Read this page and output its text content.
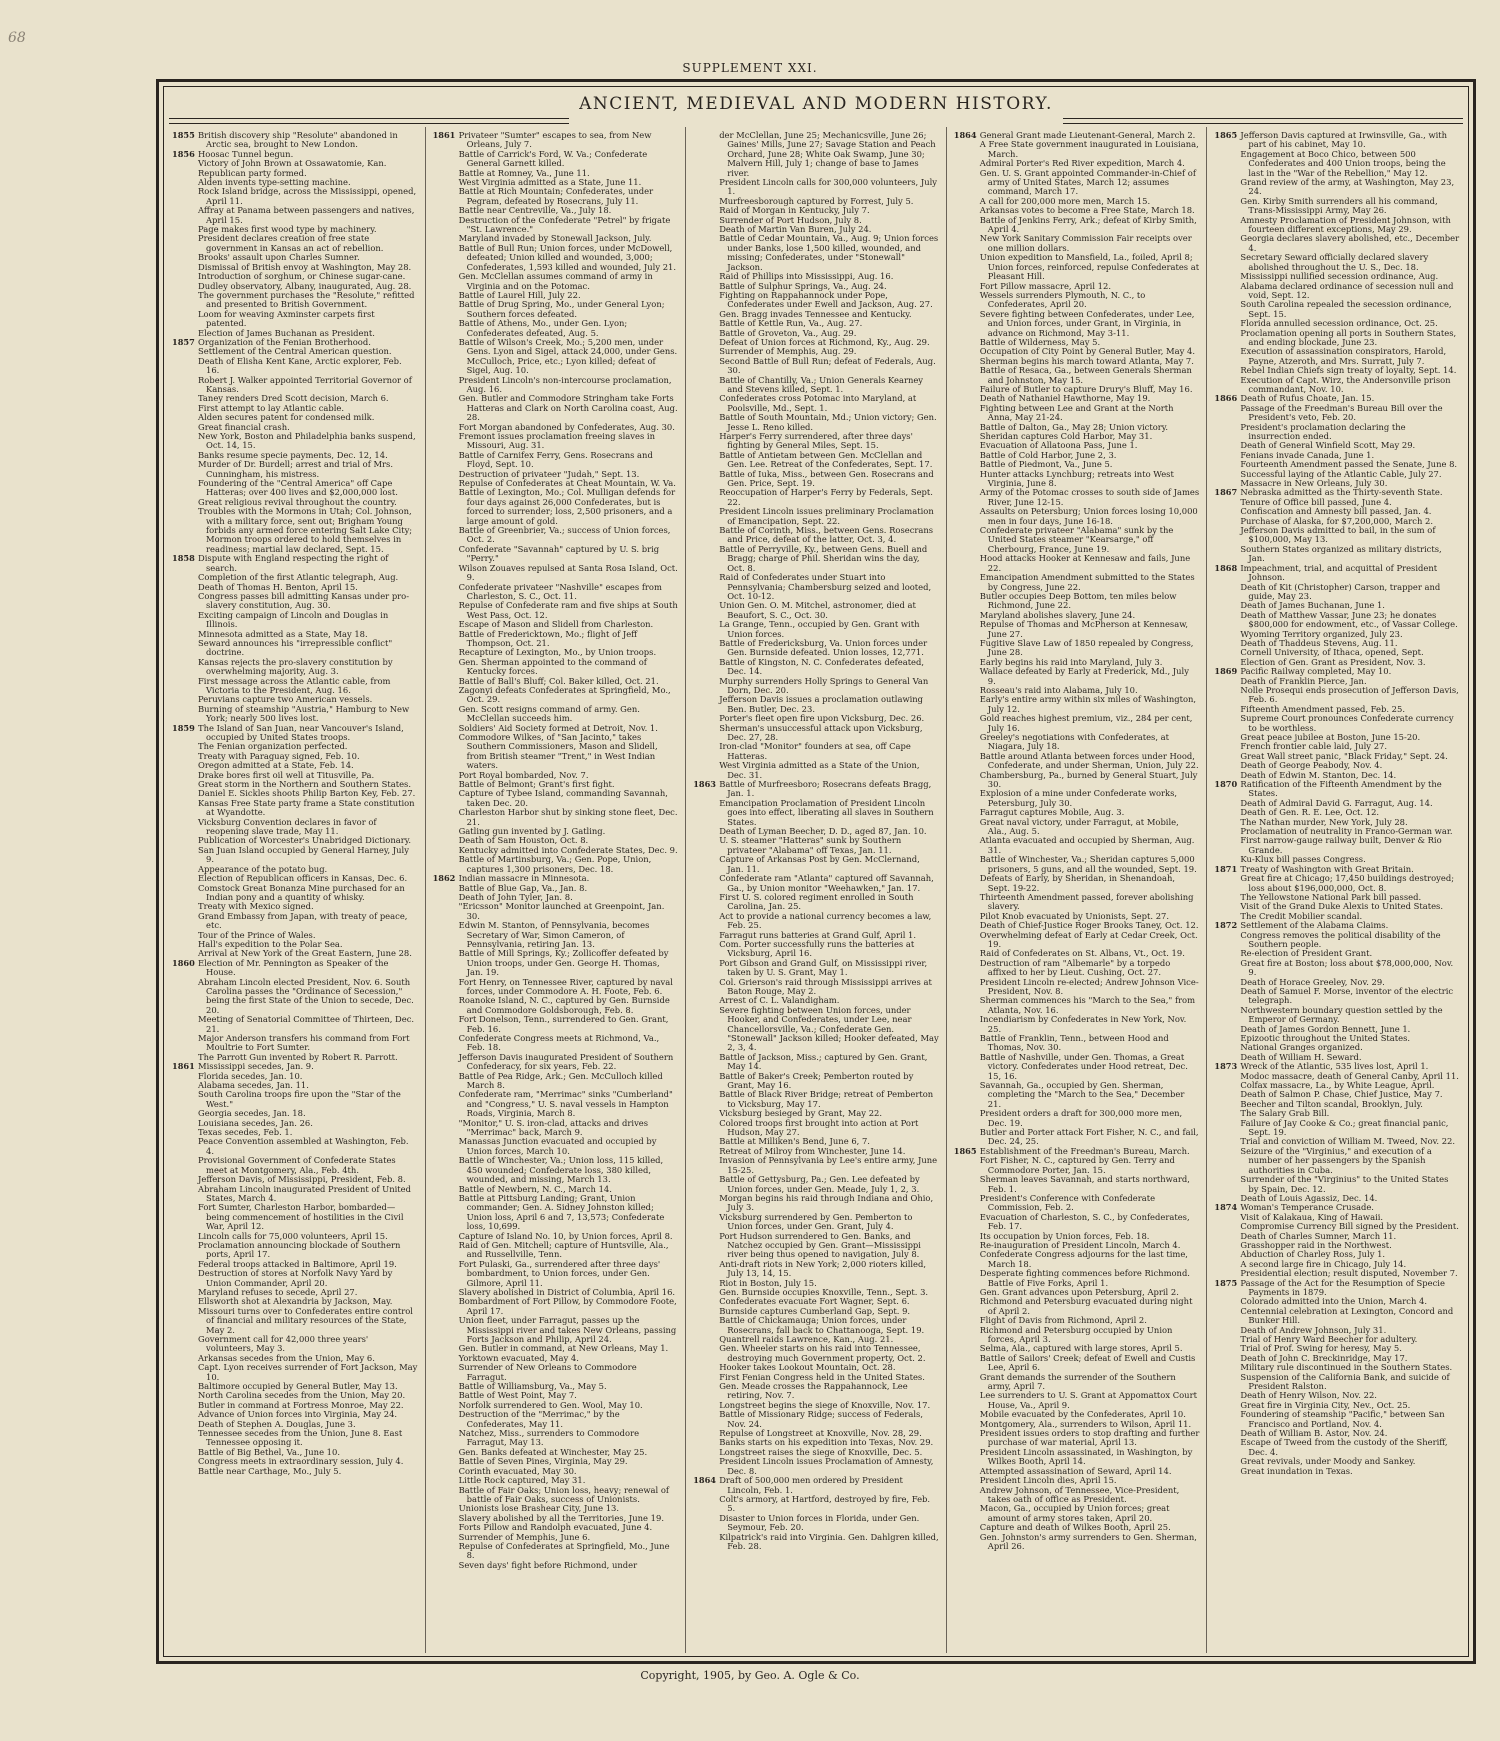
68
SUPPLEMENT XXI.
ANCIENT, MEDIEVAL AND MODERN HISTORY.
1855 British discovery ship "Resolute" abandoned in Arctic sea, brought to New London.
1856 Hoosac Tunnel begun.
Victory of John Brown at Ossawatomie, Kan.
Republican party formed.
Alden invents type-setting machine.
Rock Island bridge, across the Mississippi, opened, April 11.
Affray at Panama between passengers and natives, April 15.
Page makes first wood type by machinery.
President declares creation of free state government in Kansas an act of rebellion.
Brooks' assault upon Charles Sumner.
Dismissal of British envoy at Washington, May 28.
Introduction of sorghum, or Chinese sugar-cane.
Dudley observatory, Albany, inaugurated, Aug. 28.
The government purchases the "Resolute," refitted and presented to British Government.
Loom for weaving Axminster carpets first patented.
Election of James Buchanan as President.
1857 Organization of the Fenian Brotherhood.
Settlement of the Central American question.
Death of Elisha Kent Kane, Arctic explorer, Feb. 16.
Robert J. Walker appointed Territorial Governor of Kansas.
Taney renders Dred Scott decision, March 6.
First attempt to lay Atlantic cable.
Alden secures patent for condensed milk.
Great financial crash.
New York, Boston and Philadelphia banks suspend, Oct. 14, 15.
Banks resume specie payments, Dec. 12, 14.
Murder of Dr. Burdell; arrest and trial of Mrs. Cunningham, his mistress.
Foundering of the "Central America" off Cape Hatteras; over 400 lives and $2,000,000 lost.
Great religious revival throughout the country.
Troubles with the Mormons in Utah; Col. Johnson, with a military force, sent out; Brigham Young forbids any armed force entering Salt Lake City; Mormon troops ordered to hold themselves in readiness; martial law declared, Sept. 15.
1858 Dispute with England respecting the right of search.
Completion of the first Atlantic telegraph, Aug.
Death of Thomas H. Benton, April 15.
Congress passes bill admitting Kansas under pro-slavery constitution, Aug. 30.
Exciting campaign of Lincoln and Douglas in Illinois.
Minnesota admitted as a State, May 18.
Seward announces his "irrepressible conflict" doctrine.
Kansas rejects the pro-slavery constitution by overwhelming majority, Aug. 3.
First message across the Atlantic cable, from Victoria to the President, Aug. 16.
Peruvians capture two American vessels.
Burning of steamship "Austria," Hamburg to New York; nearly 500 lives lost.
1859 The Island of San Juan, near Vancouver's Island, occupied by United States troops.
The Fenian organization perfected.
Treaty with Paraguay signed, Feb. 10.
Oregon admitted at a State, Feb. 14.
Drake bores first oil well at Titusville, Pa.
Great storm in the Northern and Southern States.
Daniel E. Sickles shoots Philip Barton Key, Feb. 27.
Kansas Free State party frame a State constitution at Wyandotte.
Vicksburg Convention declares in favor of reopening slave trade, May 11.
Publication of Worcester's Unabridged Dictionary.
San Juan Island occupied by General Harney, July 9.
Appearance of the potato bug.
Election of Republican officers in Kansas, Dec. 6.
Comstock Great Bonanza Mine purchased for an Indian pony and a quantity of whisky.
Treaty with Mexico signed.
Grand Embassy from Japan, with treaty of peace, etc.
Tour of the Prince of Wales.
Hall's expedition to the Polar Sea.
Arrival at New York of the Great Eastern, June 28.
1860 Election of Mr. Pennington as Speaker of the House.
Abraham Lincoln elected President, Nov. 6. South Carolina passes the "Ordinance of Secession," being the first State of the Union to secede, Dec. 20.
Meeting of Senatorial Committee of Thirteen, Dec. 21.
Major Anderson transfers his command from Fort Moultrie to Fort Sumter.
The Parrott Gun invented by Robert R. Parrott.
1861 Mississippi secedes, Jan. 9.
Florida secedes, Jan. 10.
Alabama secedes, Jan. 11.
South Carolina troops fire upon the "Star of the West."
Georgia secedes, Jan. 18.
Louisiana secedes, Jan. 26.
Texas secedes, Feb. 1.
Peace Convention assembled at Washington, Feb. 4.
Provisional Government of Confederate States meet at Montgomery, Ala., Feb. 4th.
Jefferson Davis, of Mississippi, President, Feb. 8.
Abraham Lincoln inaugurated President of United States, March 4.
Fort Sumter, Charleston Harbor, bombarded—being commencement of hostilities in the Civil War, April 12.
Lincoln calls for 75,000 volunteers, April 15.
Proclamation announcing blockade of Southern ports, April 17.
Federal troops attacked in Baltimore, April 19.
Destruction of stores at Norfolk Navy Yard by Union Commander, April 20.
Maryland refuses to secede, April 27.
Ellsworth shot at Alexandria by Jackson, May.
Missouri turns over to Confederates entire control of financial and military resources of the State, May 2.
Government call for 42,000 three years' volunteers, May 3.
Arkansas secedes from the Union, May 6.
Capt. Lyon receives surrender of Fort Jackson, May 10.
Baltimore occupied by General Butler, May 13.
North Carolina secedes from the Union, May 20.
Butler in command at Fortress Monroe, May 22.
Advance of Union forces into Virginia, May 24.
Death of Stephen A. Douglas, June 3.
Tennessee secedes from the Union, June 8. East Tennessee opposing it.
Battle of Big Bethel, Va., June 10.
Congress meets in extraordinary session, July 4.
Battle near Carthage, Mo., July 5.
1861 Privateer "Sumter" escapes to sea, from New Orleans, July 7.
Battle of Carrick's Ford, W. Va.; Confederate General Garnett killed.
Battle at Romney, Va., June 11.
West Virginia admitted as a State, June 11.
Battle at Rich Mountain; Confederates, under Pegram, defeated by Rosecrans, July 11.
Battle near Centreville, Va., July 18.
Destruction of the Confederate "Petrel" by frigate "St. Lawrence."
Maryland invaded by Stonewall Jackson, July.
Battle of Bull Run; Union forces, under McDowell, defeated; Union killed and wounded, 3,000; Confederates, 1,593 killed and wounded, July 21.
Gen. McClellan assumes command of army in Virginia and on the Potomac.
Battle of Laurel Hill, July 22.
Battle of Drug Spring, Mo., under General Lyon; Southern forces defeated.
Battle of Athens, Mo., under Gen. Lyon; Confederates defeated, Aug. 5.
Battle of Wilson's Creek, Mo.; 5,200 men, under Gens. Lyon and Sigel, attack 24,000, under Gens. McCulloch, Price, etc.; Lyon killed; defeat of Sigel, Aug. 10.
President Lincoln's non-intercourse proclamation, Aug. 16.
Gen. Butler and Commodore Stringham take Forts Hatteras and Clark on North Carolina coast, Aug. 28.
Fort Morgan abandoned by Confederates, Aug. 30.
Fremont issues proclamation freeing slaves in Missouri, Aug. 31.
Battle of Carnifex Ferry, Gens. Rosecrans and Floyd, Sept. 10.
Destruction of privateer "Judah," Sept. 13.
Repulse of Confederates at Cheat Mountain, W. Va.
Battle of Lexington, Mo.; Col. Mulligan defends for four days against 26,000 Confederates, but is forced to surrender; loss, 2,500 prisoners, and a large amount of gold.
Battle of Greenbrier, Va.; success of Union forces, Oct. 2.
Confederate "Savannah" captured by U. S. brig "Perry."
Wilson Zouaves repulsed at Santa Rosa Island, Oct. 9.
Confederate privateer "Nashville" escapes from Charleston, S. C., Oct. 11.
Repulse of Confederate ram and five ships at South West Pass, Oct. 12.
Escape of Mason and Slidell from Charleston.
Battle of Fredericktown, Mo.; flight of Jeff Thompson, Oct. 21.
Recapture of Lexington, Mo., by Union troops.
Gen. Sherman appointed to the command of Kentucky forces.
Battle of Ball's Bluff; Col. Baker killed, Oct. 21.
Zagonyi defeats Confederates at Springfield, Mo., Oct. 29.
Gen. Scott resigns command of army. Gen. McClellan succeeds him.
Soldiers' Aid Society formed at Detroit, Nov. 1.
Commodore Wilkes, of "San Jacinto," takes Southern Commissioners, Mason and Slidell, from British steamer "Trent," in West Indian waters.
Port Royal bombarded, Nov. 7.
Battle of Belmont; Grant's first fight.
Capture of Tybee Island, commanding Savannah, taken Dec. 20.
Charleston Harbor shut by sinking stone fleet, Dec. 21.
Gatling gun invented by J. Gatling.
Death of Sam Houston, Oct. 8.
Kentucky admitted into Confederate States, Dec. 9.
Battle of Martinsburg, Va.; Gen. Pope, Union, captures 1,300 prisoners, Dec. 18.
1862 Indian massacre in Minnesota.
Battle of Blue Gap, Va., Jan. 8.
Death of John Tyler, Jan. 8.
"Ericsson" Monitor launched at Greenpoint, Jan. 30.
Edwin M. Stanton, of Pennsylvania, becomes Secretary of War, Simon Cameron, of Pennsylvania, retiring Jan. 13.
Battle of Mill Springs, Ky.; Zollicoffer defeated by Union troops, under Gen. George H. Thomas, Jan. 19.
Fort Henry, on Tennessee River, captured by naval forces, under Commodore A. H. Foote, Feb. 6.
Roanoke Island, N. C., captured by Gen. Burnside and Commodore Goldsborough, Feb. 8.
Fort Donelson, Tenn., surrendered to Gen. Grant, Feb. 16.
Confederate Congress meets at Richmond, Va., Feb. 18.
Jefferson Davis inaugurated President of Southern Confederacy, for six years, Feb. 22.
Battle of Pea Ridge, Ark.; Gen. McCulloch killed March 8.
Confederate ram, "Merrimac" sinks "Cumberland" and "Congress," U. S. naval vessels in Hampton Roads, Virginia, March 8.
"Monitor," U. S. iron-clad, attacks and drives "Merrimac" back, March 9.
Manassas Junction evacuated and occupied by Union forces, March 10.
Battle of Winchester, Va.; Union loss, 115 killed, 450 wounded; Confederate loss, 380 killed, wounded, and missing, March 13.
Battle of Newbern, N. C., March 14.
Battle at Pittsburg Landing; Grant, Union commander; Gen. A. Sidney Johnston killed; Union loss, April 6 and 7, 13,573; Confederate loss, 10,699.
Capture of Island No. 10, by Union forces, April 8.
Raid of Gen. Mitchell; capture of Huntsville, Ala., and Russellville, Tenn.
Fort Pulaski, Ga., surrendered after three days' bombardment, to Union forces, under Gen. Gilmore, April 11.
Slavery abolished in District of Columbia, April 16.
Bombardment of Fort Pillow, by Commodore Foote, April 17.
Union fleet, under Farragut, passes up the Mississippi river and takes New Orleans, passing Forts Jackson and Philip, April 24.
Gen. Butler in command, at New Orleans, May 1.
Yorktown evacuated, May 4.
Surrender of New Orleans to Commodore Farragut.
Battle of Williamsburg, Va., May 5.
Battle of West Point, May 7.
Norfolk surrendered to Gen. Wool, May 10.
Destruction of the "Merrimac," by the Confederates, May 11.
Natchez, Miss., surrenders to Commodore Farragut, May 13.
Gen. Banks defeated at Winchester, May 25.
Battle of Seven Pines, Virginia, May 29.
Corinth evacuated, May 30.
Little Rock captured, May 31.
Battle of Fair Oaks; Union loss, heavy; renewal of battle of Fair Oaks, success of Unionists.
Unionists lose Brashear City, June 13.
Slavery abolished by all the Territories, June 19.
Forts Pillow and Randolph evacuated, June 4.
Surrender of Memphis, June 6.
Repulse of Confederates at Springfield, Mo., June 8.
Seven days' fight before Richmond, under
der McClellan, June 25; Mechanicsville, June 26; Gaines' Mills, June 27; Savage Station and Peach Orchard, June 28; White Oak Swamp, June 30; Malvern Hill, July 1; change of base to James river.
President Lincoln calls for 300,000 volunteers, July 1.
Murfreesborough captured by Forrest, July 5.
Raid of Morgan in Kentucky, July 7.
Surrender of Port Hudson, July 8.
Death of Martin Van Buren, July 24.
Battle of Cedar Mountain, Va., Aug. 9; Union forces under Banks, lose 1,500 killed, wounded, and missing; Confederates, under "Stonewall" Jackson.
Raid of Phillips into Mississippi, Aug. 16.
Battle of Sulphur Springs, Va., Aug. 24.
Fighting on Rappahannock under Pope, Confederates under Ewell and Jackson, Aug. 27.
Gen. Bragg invades Tennessee and Kentucky.
Battle of Kettle Run, Va., Aug. 27.
Battle of Groveton, Va., Aug. 29.
Defeat of Union forces at Richmond, Ky., Aug. 29.
Surrender of Memphis, Aug. 29.
Second Battle of Bull Run; defeat of Federals, Aug. 30.
Battle of Chantilly, Va.; Union Generals Kearney and Stevens killed, Sept. 1.
Confederates cross Potomac into Maryland, at Poolsville, Md., Sept. 1.
Battle of South Mountain, Md.; Union victory; Gen. Jesse L. Reno killed.
Harper's Ferry surrendered, after three days' fighting by General Miles, Sept. 15.
Battle of Antietam between Gen. McClellan and Gen. Lee. Retreat of the Confederates, Sept. 17.
Battle of Iuka, Miss., between Gen. Rosecrans and Gen. Price, Sept. 19.
Reoccupation of Harper's Ferry by Federals, Sept. 22.
President Lincoln issues preliminary Proclamation of Emancipation, Sept. 22.
Battle of Corinth, Miss., between Gens. Rosecrans and Price, defeat of the latter, Oct. 3, 4.
Battle of Perryville, Ky., between Gens. Buell and Bragg; charge of Phil. Sheridan wins the day, Oct. 8.
Raid of Confederates under Stuart into Pennsylvania; Chambersburg seized and looted, Oct. 10-12.
Union Gen. O. M. Mitchel, astronomer, died at Beaufort, S. C., Oct. 30.
La Grange, Tenn., occupied by Gen. Grant with Union forces.
Battle of Fredericksburg, Va. Union forces under Gen. Burnside defeated. Union losses, 12,771.
Battle of Kingston, N. C. Confederates defeated, Dec. 14.
Murphy surrenders Holly Springs to General Van Dorn, Dec. 20.
Jefferson Davis issues a proclamation outlawing Ben. Butler, Dec. 23.
Porter's fleet open fire upon Vicksburg, Dec. 26.
Sherman's unsuccessful attack upon Vicksburg, Dec. 27, 28.
Iron-clad "Monitor" founders at sea, off Cape Hatteras.
West Virginia admitted as a State of the Union, Dec. 31.
1863 Battle of Murfreesboro; Rosecrans defeats Bragg, Jan. 1.
Emancipation Proclamation of President Lincoln goes into effect, liberating all slaves in Southern States.
Death of Lyman Beecher, D. D., aged 87, Jan. 10.
U. S. steamer "Hatteras" sunk by Southern privateer "Alabama" off Texas, Jan. 11.
Capture of Arkansas Post by Gen. McClernand, Jan. 11.
Confederate ram "Atlanta" captured off Savannah, Ga., by Union monitor "Weehawken," Jan. 17.
First U. S. colored regiment enrolled in South Carolina, Jan. 25.
Act to provide a national currency becomes a law, Feb. 25.
Farragut runs batteries at Grand Gulf, April 1.
Com. Porter successfully runs the batteries at Vicksburg, April 16.
Port Gibson and Grand Gulf, on Mississippi river, taken by U. S. Grant, May 1.
Col. Grierson's raid through Mississippi arrives at Baton Rouge, May 2.
Arrest of C. L. Valandigham.
Severe fighting between Union forces, under Hooker, and Confederates, under Lee, near Chancellorsville, Va.; Confederate Gen. "Stonewall" Jackson killed; Hooker defeated, May 2, 3, 4.
Battle of Jackson, Miss.; captured by Gen. Grant, May 14.
Battle of Baker's Creek; Pemberton routed by Grant, May 16.
Battle of Black River Bridge; retreat of Pemberton to Vicksburg, May 17.
Vicksburg besieged by Grant, May 22.
Colored troops first brought into action at Port Hudson, May 27.
Battle at Milliken's Bend, June 6, 7.
Retreat of Milroy from Winchester, June 14.
Invasion of Pennsylvania by Lee's entire army, June 15-25.
Battle of Gettysburg, Pa.; Gen. Lee defeated by Union forces, under Gen. Meade, July 1, 2, 3.
Morgan begins his raid through Indiana and Ohio, July 3.
Vicksburg surrendered by Gen. Pemberton to Union forces, under Gen. Grant, July 4.
Port Hudson surrendered to Gen. Banks, and Natchez occupied by Gen. Grant—Mississippi river being thus opened to navigation, July 8.
Anti-draft riots in New York; 2,000 rioters killed, July 13, 14, 15.
Riot in Boston, July 15.
Gen. Burnside occupies Knoxville, Tenn., Sept. 3.
Confederates evacuate Fort Wagner, Sept. 6.
Burnside captures Cumberland Gap, Sept. 9.
Battle of Chickamauga; Union forces, under Rosecrans, fall back to Chattanooga, Sept. 19.
Quantrell raids Lawrence, Kan., Aug. 21.
Gen. Wheeler starts on his raid into Tennessee, destroying much Government property, Oct. 2.
Hooker takes Lookout Mountain, Oct. 28.
First Fenian Congress held in the United States.
Gen. Meade crosses the Rappahannock, Lee retiring, Nov. 7.
Longstreet begins the siege of Knoxville, Nov. 17.
Battle of Missionary Ridge; success of Federals, Nov. 24.
Repulse of Longstreet at Knoxville, Nov. 28, 29.
Banks starts on his expedition into Texas, Nov. 29.
Longstreet raises the siege of Knoxville, Dec. 5.
President Lincoln issues Proclamation of Amnesty, Dec. 8.
1864 Draft of 500,000 men ordered by President Lincoln, Feb. 1.
Colt's armory, at Hartford, destroyed by fire, Feb. 5.
Disaster to Union forces in Florida, under Gen. Seymour, Feb. 20.
Kilpatrick's raid into Virginia. Gen. Dahlgren killed, Feb. 28.
1864 General Grant made Lieutenant-General, March 2.
A Free State government inaugurated in Louisiana, March.
Admiral Porter's Red River expedition, March 4.
Gen. U. S. Grant appointed Commander-in-Chief of army of United States, March 12; assumes command, March 17.
A call for 200,000 more men, March 15.
Arkansas votes to become a Free State, March 18.
Battle of Jenkins Ferry, Ark.; defeat of Kirby Smith, April 4.
New York Sanitary Commission Fair receipts over one million dollars.
Union expedition to Mansfield, La., foiled, April 8; Union forces, reinforced, repulse Confederates at Pleasant Hill.
Fort Pillow massacre, April 12.
Wessels surrenders Plymouth, N. C., to Confederates, April 20.
Severe fighting between Confederates, under Lee, and Union forces, under Grant, in Virginia, in advance on Richmond, May 3-11.
Battle of Wilderness, May 5.
Occupation of City Point by General Butler, May 4.
Sherman begins his march toward Atlanta, May 7.
Battle of Resaca, Ga., between Generals Sherman and Johnston, May 15.
Failure of Butler to capture Drury's Bluff, May 16.
Death of Nathaniel Hawthorne, May 19.
Fighting between Lee and Grant at the North Anna, May 21-24.
Battle of Dalton, Ga., May 28; Union victory.
Sheridan captures Cold Harbor, May 31.
Evacuation of Allatoona Pass, June 1.
Battle of Cold Harbor, June 2, 3.
Battle of Piedmont, Va., June 5.
Hunter attacks Lynchburg; retreats into West Virginia, June 8.
Army of the Potomac crosses to south side of James River, June 12-15.
Assaults on Petersburg; Union forces losing 10,000 men in four days, June 16-18.
Confederate privateer "Alabama" sunk by the United States steamer "Kearsarge," off Cherbourg, France, June 19.
Hood attacks Hooker at Kennesaw and fails, June 22.
Emancipation Amendment submitted to the States by Congress, June 22.
Butler occupies Deep Bottom, ten miles below Richmond, June 22.
Maryland abolishes slavery, June 24.
Repulse of Thomas and McPherson at Kennesaw, June 27.
Fugitive Slave Law of 1850 repealed by Congress, June 28.
Early begins his raid into Maryland, July 3.
Wallace defeated by Early at Frederick, Md., July 9.
Rosseau's raid into Alabama, July 10.
Early's entire army within six miles of Washington, July 12.
Gold reaches highest premium, viz., 284 per cent, July 16.
Greeley's negotiations with Confederates, at Niagara, July 18.
Battle around Atlanta between forces under Hood, Confederate, and under Sherman, Union, July 22.
Chambersburg, Pa., burned by General Stuart, July 30.
Explosion of a mine under Confederate works, Petersburg, July 30.
Farragut captures Mobile, Aug. 3.
Great naval victory, under Farragut, at Mobile, Ala., Aug. 5.
Atlanta evacuated and occupied by Sherman, Aug. 31.
Battle of Winchester, Va.; Sheridan captures 5,000 prisoners, 5 guns, and all the wounded, Sept. 19.
Defeats of Early, by Sheridan, in Shenandoah, Sept. 19-22.
Thirteenth Amendment passed, forever abolishing slavery.
Pilot Knob evacuated by Unionists, Sept. 27.
Death of Chief-Justice Roger Brooks Taney, Oct. 12.
Overwhelming defeat of Early at Cedar Creek, Oct. 19.
Raid of Confederates on St. Albans, Vt., Oct. 19.
Destruction of ram "Albemarle" by a torpedo affixed to her by Lieut. Cushing, Oct. 27.
President Lincoln re-elected; Andrew Johnson Vice-President, Nov. 8.
Sherman commences his "March to the Sea," from Atlanta, Nov. 16.
Incendiarism by Confederates in New York, Nov. 25.
Battle of Franklin, Tenn., between Hood and Thomas, Nov. 30.
Battle of Nashville, under Gen. Thomas, a Great victory. Confederates under Hood retreat, Dec. 15, 16.
Savannah, Ga., occupied by Gen. Sherman, completing the "March to the Sea," December 21.
President orders a draft for 300,000 more men, Dec. 19.
Butler and Porter attack Fort Fisher, N. C., and fail, Dec. 24, 25.
1865 Establishment of the Freedman's Bureau, March.
Fort Fisher, N. C., captured by Gen. Terry and Commodore Porter, Jan. 15.
Sherman leaves Savannah, and starts northward, Feb. 1.
President's Conference with Confederate Commission, Feb. 2.
Evacuation of Charleston, S. C., by Confederates, Feb. 17.
Its occupation by Union forces, Feb. 18.
Re-inauguration of President Lincoln, March 4.
Confederate Congress adjourns for the last time, March 18.
Desperate fighting commences before Richmond. Battle of Five Forks, April 1.
Gen. Grant advances upon Petersburg, April 2.
Richmond and Petersburg evacuated during night of April 2.
Flight of Davis from Richmond, April 2.
Richmond and Petersburg occupied by Union forces, April 3.
Selma, Ala., captured with large stores, April 5.
Battle of Sailors' Creek; defeat of Ewell and Custis Lee, April 6.
Grant demands the surrender of the Southern army, April 7.
Lee surrenders to U. S. Grant at Appomattox Court House, Va., April 9.
Mobile evacuated by the Confederates, April 10.
Montgomery, Ala., surrenders to Wilson, April 11.
President issues orders to stop drafting and further purchase of war material, April 13.
President Lincoln assassinated, in Washington, by Wilkes Booth, April 14.
Attempted assassination of Seward, April 14.
President Lincoln dies, April 15.
Andrew Johnson, of Tennessee, Vice-President, takes oath of office as President.
Macon, Ga., occupied by Union forces; great amount of army stores taken, April 20.
Capture and death of Wilkes Booth, April 25.
Gen. Johnston's army surrenders to Gen. Sherman, April 26.
1865 Jefferson Davis captured at Irwinsville, Ga., with part of his cabinet, May 10.
Engagement at Boco Chico, between 500 Confederates and 400 Union troops, being the last in the "War of the Rebellion," May 12.
Grand review of the army, at Washington, May 23, 24.
Gen. Kirby Smith surrenders all his command, Trans-Mississippi Army, May 26.
Amnesty Proclamation of President Johnson, with fourteen different exceptions, May 29.
Georgia declares slavery abolished, etc., December 4.
Secretary Seward officially declared slavery abolished throughout the U. S., Dec. 18.
Mississippi nullified secession ordinance, Aug.
Alabama declared ordinance of secession null and void, Sept. 12.
South Carolina repealed the secession ordinance, Sept. 15.
Florida annulled secession ordinance, Oct. 25.
Proclamation opening all ports in Southern States, and ending blockade, June 23.
Execution of assassination conspirators, Harold, Payne, Atzeroth, and Mrs. Surratt, July 7.
Rebel Indian Chiefs sign treaty of loyalty, Sept. 14.
Execution of Capt. Wirz, the Andersonville prison commandant, Nov. 10.
1866 Death of Rufus Choate, Jan. 15.
Passage of the Freedman's Bureau Bill over the President's veto, Feb. 20.
President's proclamation declaring the insurrection ended.
Death of General Winfield Scott, May 29.
Fenians invade Canada, June 1.
Fourteenth Amendment passed the Senate, June 8.
Successful laying of the Atlantic Cable, July 27.
Massacre in New Orleans, July 30.
1867 Nebraska admitted as the Thirty-seventh State.
Tenure of Office bill passed, June 4.
Confiscation and Amnesty bill passed, Jan. 4.
Purchase of Alaska, for $7,200,000, March 2.
Jefferson Davis admitted to bail, in the sum of $100,000, May 13.
Southern States organized as military districts, Jan.
1868 Impeachment, trial, and acquittal of President Johnson.
Death of Kit (Christopher) Carson, trapper and guide, May 23.
Death of James Buchanan, June 1.
Death of Matthew Vassar, June 23; he donates $800,000 for endowment, etc., of Vassar College.
Wyoming Territory organized, July 23.
Death of Thaddeus Stevens, Aug. 11.
Cornell University, of Ithaca, opened, Sept.
Election of Gen. Grant as President, Nov. 3.
1869 Pacific Railway completed, May 10.
Death of Franklin Pierce, Jan.
Nolle Prosequi ends prosecution of Jefferson Davis, Feb. 6.
Fifteenth Amendment passed, Feb. 25.
Supreme Court pronounces Confederate currency to be worthless.
Great peace jubilee at Boston, June 15-20.
French frontier cable laid, July 27.
Great Wall street panic, "Black Friday," Sept. 24.
Death of George Peabody, Nov. 4.
Death of Edwin M. Stanton, Dec. 14.
1870 Ratification of the Fifteenth Amendment by the States.
Death of Admiral David G. Farragut, Aug. 14.
Death of Gen. R. E. Lee, Oct. 12.
The Nathan murder, New York, July 28.
Proclamation of neutrality in Franco-German war.
First narrow-gauge railway built, Denver & Rio Grande.
Ku-Klux bill passes Congress.
1871 Treaty of Washington with Great Britain.
Great fire at Chicago; 17,450 buildings destroyed; loss about $196,000,000, Oct. 8.
The Yellowstone National Park bill passed.
Visit of the Grand Duke Alexis to United States.
The Credit Mobilier scandal.
1872 Settlement of the Alabama Claims.
Congress removes the political disability of the Southern people.
Re-election of President Grant.
Great fire at Boston; loss about $78,000,000, Nov. 9.
Death of Horace Greeley, Nov. 29.
Death of Samuel F. Morse, inventor of the electric telegraph.
Northwestern boundary question settled by the Emperor of Germany.
Death of James Gordon Bennett, June 1.
Epizootic throughout the United States.
National Granges organized.
Death of William H. Seward.
1873 Wreck of the Atlantic, 535 lives lost, April 1.
Modoc massacre, death of General Canby, April 11.
Colfax massacre, La., by White League, April.
Death of Salmon P. Chase, Chief Justice, May 7.
Beecher and Tilton scandal, Brooklyn, July.
The Salary Grab Bill.
Failure of Jay Cooke & Co.; great financial panic, Sept. 19.
Trial and conviction of William M. Tweed, Nov. 22.
Seizure of the "Virginius," and execution of a number of her passengers by the Spanish authorities in Cuba.
Surrender of the "Virginius" to the United States by Spain, Dec. 12.
Death of Louis Agassiz, Dec. 14.
1874 Woman's Temperance Crusade.
Visit of Kalakaua, King of Hawaii.
Compromise Currency Bill signed by the President.
Death of Charles Sumner, March 11.
Grasshopper raid in the Northwest.
Abduction of Charley Ross, July 1.
A second large fire in Chicago, July 14.
Presidential election; result disputed, November 7.
1875 Passage of the Act for the Resumption of Specie Payments in 1879.
Colorado admitted into the Union, March 4.
Centennial celebration at Lexington, Concord and Bunker Hill.
Death of Andrew Johnson, July 31.
Trial of Henry Ward Beecher for adultery.
Trial of Prof. Swing for heresy, May 5.
Death of John C. Breckinridge, May 17.
Military rule discontinued in the Southern States.
Suspension of the California Bank, and suicide of President Ralston.
Death of Henry Wilson, Nov. 22.
Great fire in Virginia City, Nev., Oct. 25.
Foundering of steamship "Pacific," between San Francisco and Portland, Nov. 4.
Death of William B. Astor, Nov. 24.
Escape of Tweed from the custody of the Sheriff, Dec. 4.
Great revivals, under Moody and Sankey.
Great inundation in Texas.
Copyright, 1905, by Geo. A. Ogle & Co.
